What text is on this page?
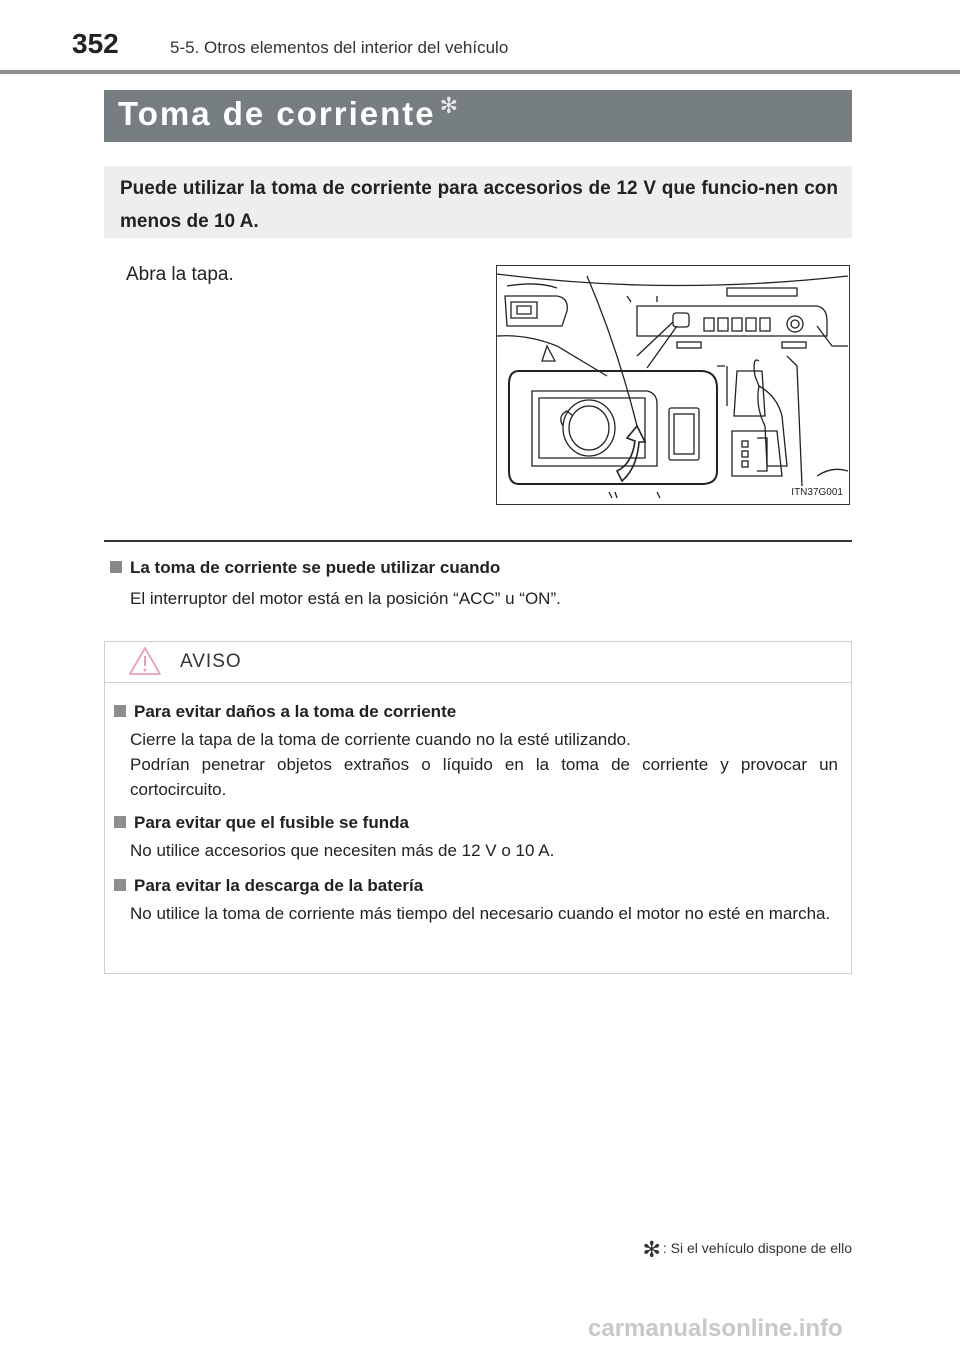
352	5-5. Otros elementos del interior del vehículo
Toma de corriente ✻
Puede utilizar la toma de corriente para accesorios de 12 V que funcio-nen con menos de 10 A.
Abra la tapa.
ITN37G001
La toma de corriente se puede utilizar cuando
El interruptor del motor está en la posición “ACC” u “ON”.
AVISO
Para evitar daños a la toma de corriente
Cierre la tapa de la toma de corriente cuando no la esté utilizando.
Podrían penetrar objetos extraños o líquido en la toma de corriente y provocar un cortocircuito.
Para evitar que el fusible se funda
No utilice accesorios que necesiten más de 12 V o 10 A.
Para evitar la descarga de la batería
No utilice la toma de corriente más tiempo del necesario cuando el motor no esté en marcha.
✻ : Si el vehículo dispone de ello
carmanualsonline.info
